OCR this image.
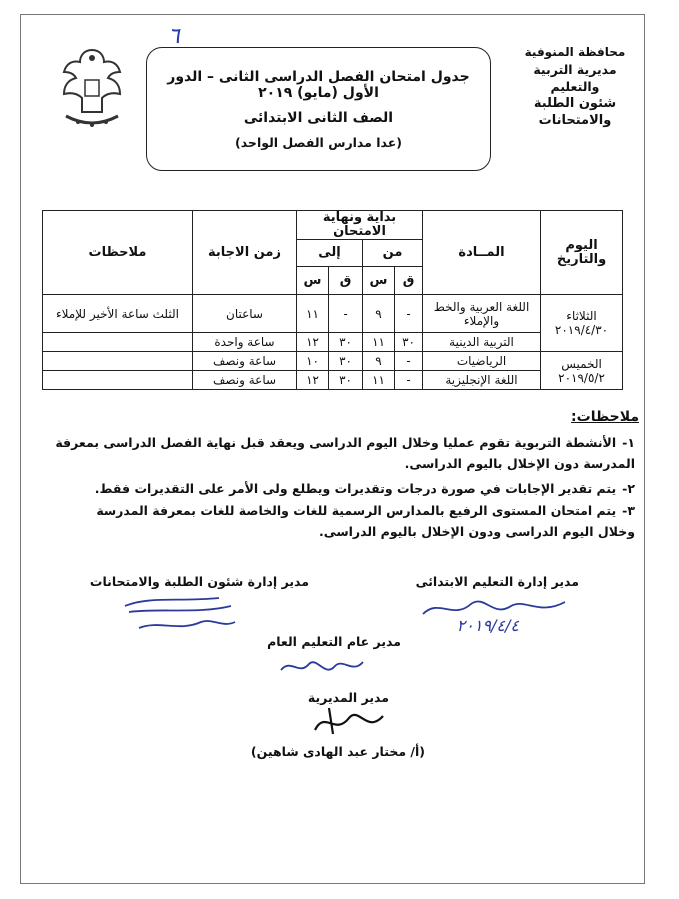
محافظة المنوفية
مديرية التربية والتعليم
شئون الطلبة والامتحانات
٦
جدول امتحان الفصل الدراسى الثانى – الدور الأول (مايو) ٢٠١٩
الصف الثانى الابتدائى
(عدا مدارس الفصل الواحد)
اليوم والتاريخ	المــادة	بداية ونهاية الامتحان				زمن الاجابة	ملاحظات
		من		إلى			
		ق	س	ق	س		

الثلاثاء
٢٠١٩/٤/٣٠	اللغة العربية والخط والإملاء	-	٩	-	١١	ساعتان	الثلث ساعة الأخير للإملاء
	التربية الدينية	٣٠	١١	٣٠	١٢	ساعة واحدة	

الخميس
٢٠١٩/٥/٢	الرياضيات	-	٩	٣٠	١٠	ساعة ونصف	
	اللغة الإنجليزية	-	١١	٣٠	١٢	ساعة ونصف	
ملاحظات:
١-الأنشطة التربوية تقوم عمليا وخلال اليوم الدراسى ويعقد قبل نهاية الفصل الدراسى بمعرفة المدرسة دون الإخلال باليوم الدراسى.
٢-يتم تقدير الإجابات في صورة درجات وتقديرات ويطلع ولى الأمر على التقديرات فقط.
٣-يتم امتحان المستوى الرفيع بالمدارس الرسمية للغات والخاصة للغات بمعرفة المدرسة وخلال اليوم الدراسى ودون الإخلال باليوم الدراسى.
مدير إدارة التعليم الابتدائى
مدير إدارة شئون الطلبة والامتحانات
٢٠١٩/٤/٤
مدير عام التعليم العام
مدير المديرية
(أ/ مختار عبد الهادى شاهين)
